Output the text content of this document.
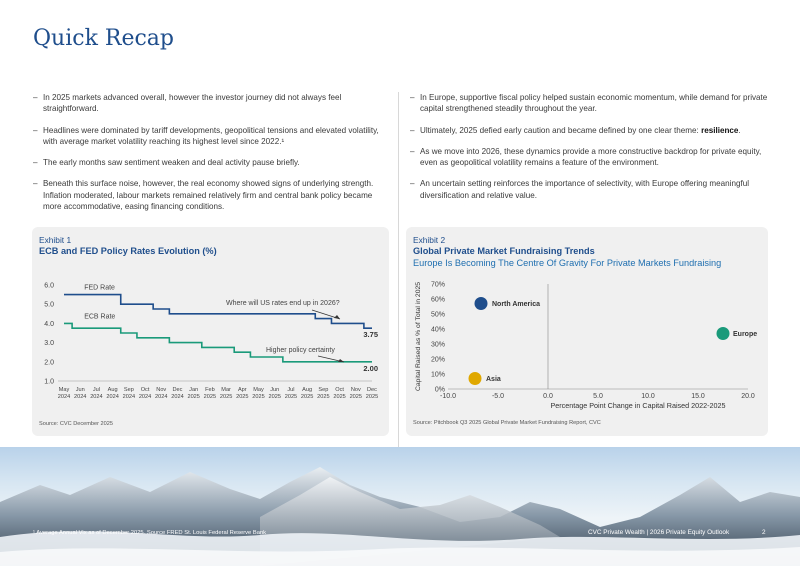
Quick Recap

– In 2025 markets advanced overall, however the investor journey did not always feel straightforward.

– Headlines were dominated by tariff developments, geopolitical tensions and elevated volatility, with average market volatility reaching its highest level since 2022.¹

– The early months saw sentiment weaken and deal activity pause briefly.

– Beneath this surface noise, however, the real economy showed signs of underlying strength. Inflation moderated, labour markets remained relatively firm and central bank policy became more accommodative, easing financing conditions.

– In Europe, supportive fiscal policy helped sustain economic momentum, while demand for private capital strengthened steadily throughout the year.

– Ultimately, 2025 defied early caution and became defined by one clear theme: resilience.

– As we move into 2026, these dynamics provide a more constructive backdrop for private equity, even as geopolitical volatility remains a feature of the environment.

– An uncertain setting reinforces the importance of selectivity, with Europe offering meaningful diversification and relative value.

Exhibit 1
ECB and FED Policy Rates Evolution (%)
1.0
2.0
3.0
4.0
5.0
6.0
May
2024
Jun
2024
Jul
2024
Aug
2024
Sep
2024
Oct
2024
Nov
2024
Dec
2024
Jan
2025
Feb
2025
Mar
2025
Apr
2025
May
2025
Jun
2025
Jul
2025
Aug
2025
Sep
2025
Oct
2025
Nov
2025
Dec
2025
3.75
FED Rate
2.00
ECB Rate
Where will US rates end up in 2026?
Higher policy certainty
Source: CVC December 2025
Exhibit 2
Global Private Market Fundraising Trends
Europe Is Becoming The Centre Of Gravity For Private Markets Fundraising
0%
10%
20%
30%
40%
50%
60%
70%
-10.0	-5.0	0.0	5.0	10.0	15.0	20.0
Percentage Point Change in Capital Raised 2022-2025
Capital Raised as % of Total in 2025	North America
Europe
Asia
Source: Pitchbook Q3 2025 Global Private Market Fundraising Report, CVC
¹ Average Annual Vix as of December 2025. Source FRED St. Louis Federal Reserve Bank	CVC Private Wealth | 2026 Private Equity Outlook	2
